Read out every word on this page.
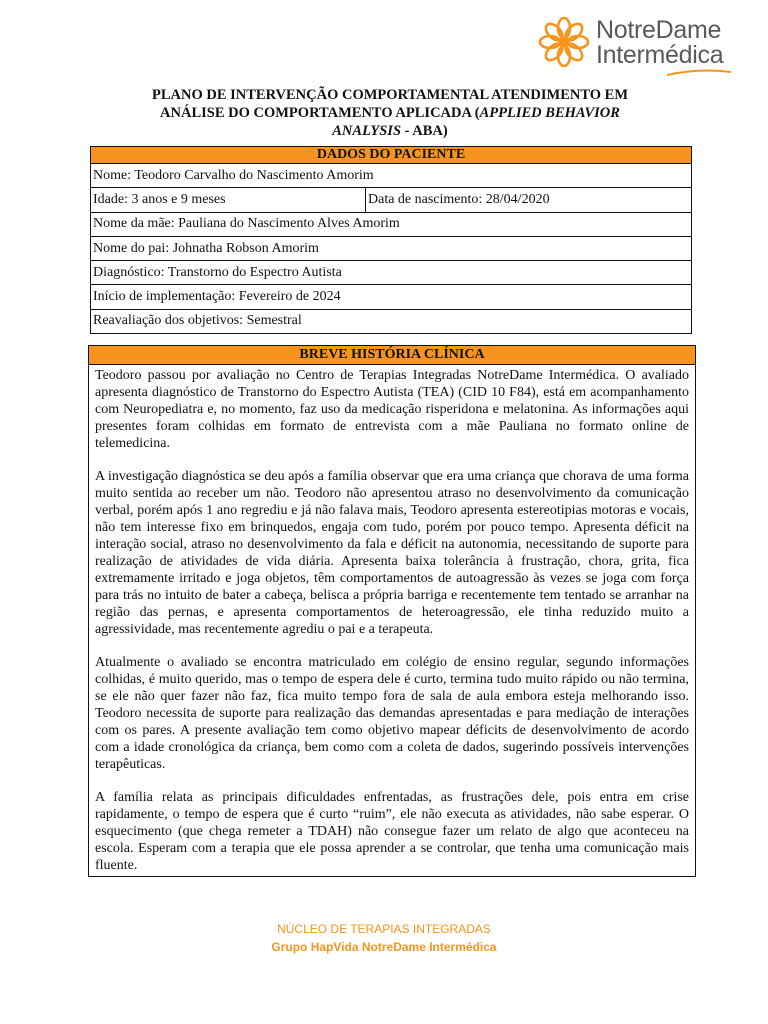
NotreDame
Intermédica
PLANO DE INTERVENÇÃO COMPORTAMENTAL ATENDIMENTO EM
ANÁLISE DO COMPORTAMENTO APLICADA (APPLIED BEHAVIOR
ANALYSIS - ABA)
DADOS DO PACIENTE
Nome: Teodoro Carvalho do Nascimento Amorim
Idade: 3 anos e 9 meses	Data de nascimento: 28/04/2020
Nome da mãe: Pauliana do Nascimento Alves Amorim
Nome do pai: Johnatha Robson Amorim
Diagnóstico: Transtorno do Espectro Autista
Início de implementação: Fevereiro de 2024
Reavaliação dos objetivos: Semestral
BREVE HISTÓRIA CLÍNICA

Teodoro passou por avaliação no Centro de Terapias Integradas NotreDame Intermédica. O avaliado apresenta diagnóstico de Transtorno do Espectro Autista (TEA) (CID 10 F84), está em acompanhamento com Neuropediatra e, no momento, faz uso da medicação risperidona e melatonina. As informações aqui presentes foram colhidas em formato de entrevista com a mãe Pauliana no formato online de telemedicina.

A investigação diagnóstica se deu após a família observar que era uma criança que chorava de uma forma muito sentida ao receber um não. Teodoro não apresentou atraso no desenvolvimento da comunicação verbal, porém após 1 ano regrediu e já não falava mais, Teodoro apresenta estereotipias motoras e vocais, não tem interesse fixo em brinquedos, engaja com tudo, porém por pouco tempo. Apresenta déficit na interação social, atraso no desenvolvimento da fala e déficit na autonomia, necessitando de suporte para realização de atividades de vida diária. Apresenta baixa tolerância à frustração, chora, grita, fica extremamente irritado e joga objetos, têm comportamentos de autoagressão às vezes se joga com força para trás no intuito de bater a cabeça, belisca a própria barriga e recentemente tem tentado se arranhar na região das pernas, e apresenta comportamentos de heteroagressão, ele tinha reduzido muito a agressividade, mas recentemente agrediu o pai e a terapeuta.

Atualmente o avaliado se encontra matriculado em colégio de ensino regular, segundo informações colhidas, é muito querido, mas o tempo de espera dele é curto, termina tudo muito rápido ou não termina, se ele não quer fazer não faz, fica muito tempo fora de sala de aula embora esteja melhorando isso. Teodoro necessita de suporte para realização das demandas apresentadas e para mediação de interações com os pares. A presente avaliação tem como objetivo mapear déficits de desenvolvimento de acordo com a idade cronológica da criança, bem como com a coleta de dados, sugerindo possíveis intervenções terapêuticas.

A família relata as principais dificuldades enfrentadas, as frustrações dele, pois entra em crise rapidamente, o tempo de espera que é curto “ruim”, ele não executa as atividades, não sabe esperar. O esquecimento (que chega remeter a TDAH) não consegue fazer um relato de algo que aconteceu na escola. Esperam com a terapia que ele possa aprender a se controlar, que tenha uma comunicação mais fluente.

NÚCLEO DE TERAPIAS INTEGRADAS
Grupo HapVida NotreDame Intermédica
